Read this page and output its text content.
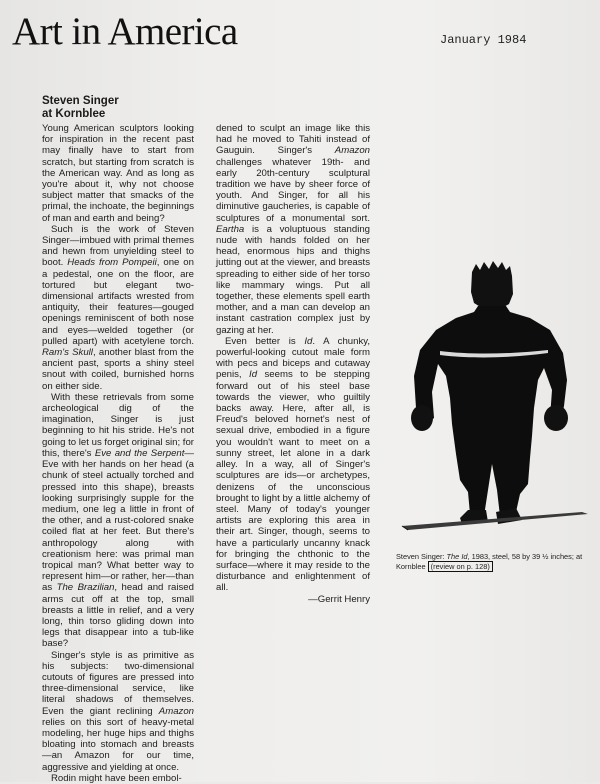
Art in America	January 1984
Steven Singer
at Kornblee

Young American sculptors looking for inspiration in the recent past may finally have to start from scratch, but starting from scratch is the American way. And as long as you're about it, why not choose subject matter that smacks of the primal, the inchoate, the beginnings of man and earth and being?

Such is the work of Steven Singer—imbued with primal themes and hewn from unyielding steel to boot. Heads from Pompeii, one on a pedestal, one on the floor, are tortured but elegant two-dimensional artifacts wrested from antiquity, their features—gouged openings reminiscent of both nose and eyes—welded together (or pulled apart) with acetylene torch. Ram's Skull, another blast from the ancient past, sports a shiny steel snout with coiled, burnished horns on either side.

With these retrievals from some archeological dig of the imagination, Singer is just beginning to hit his stride. He's not going to let us forget original sin; for this, there's Eve and the Serpent—Eve with her hands on her head (a chunk of steel actually torched and pressed into this shape), breasts looking surprisingly supple for the medium, one leg a little in front of the other, and a rust-colored snake coiled flat at her feet. But there's anthropology along with creationism here: was primal man tropical man? What better way to represent him—or rather, her—than as The Brazilian, head and raised arms cut off at the top, small breasts a little in relief, and a very long, thin torso gliding down into legs that disappear into a tub-like base?

Singer's style is as primitive as his subjects: two-dimensional cutouts of figures are pressed into three-dimensional service, like literal shadows of themselves. Even the giant reclining Amazon relies on this sort of heavy-metal modeling, her huge hips and thighs bloating into stomach and breasts—an Amazon for our time, aggressive and yielding at once.

Rodin might have been embol-

dened to sculpt an image like this had he moved to Tahiti instead of Gauguin. Singer's Amazon challenges whatever 19th- and early 20th-century sculptural tradition we have by sheer force of youth. And Singer, for all his diminutive gaucheries, is capable of sculptures of a monumental sort. Eartha is a voluptuous standing nude with hands folded on her head, enormous hips and thighs jutting out at the viewer, and breasts spreading to either side of her torso like mammary wings. Put all together, these elements spell earth mother, and a man can develop an instant castration complex just by gazing at her.

Even better is Id. A chunky, powerful-looking cutout male form with pecs and biceps and cutaway penis, Id seems to be stepping forward out of his steel base towards the viewer, who guiltily backs away. Here, after all, is Freud's beloved hornet's nest of sexual drive, embodied in a figure you wouldn't want to meet on a sunny street, let alone in a dark alley. In a way, all of Singer's sculptures are ids—or archetypes, denizens of the unconscious brought to light by a little alchemy of steel. Many of today's younger artists are exploring this area in their art. Singer, though, seems to have a particularly uncanny knack for bringing the chthonic to the surface—where it may reside to the disturbance and enlightenment of all.

—Gerrit Henry

Steven Singer: The Id, 1983, steel, 58 by 39 ½ inches; at Kornblee (review on p. 128)
